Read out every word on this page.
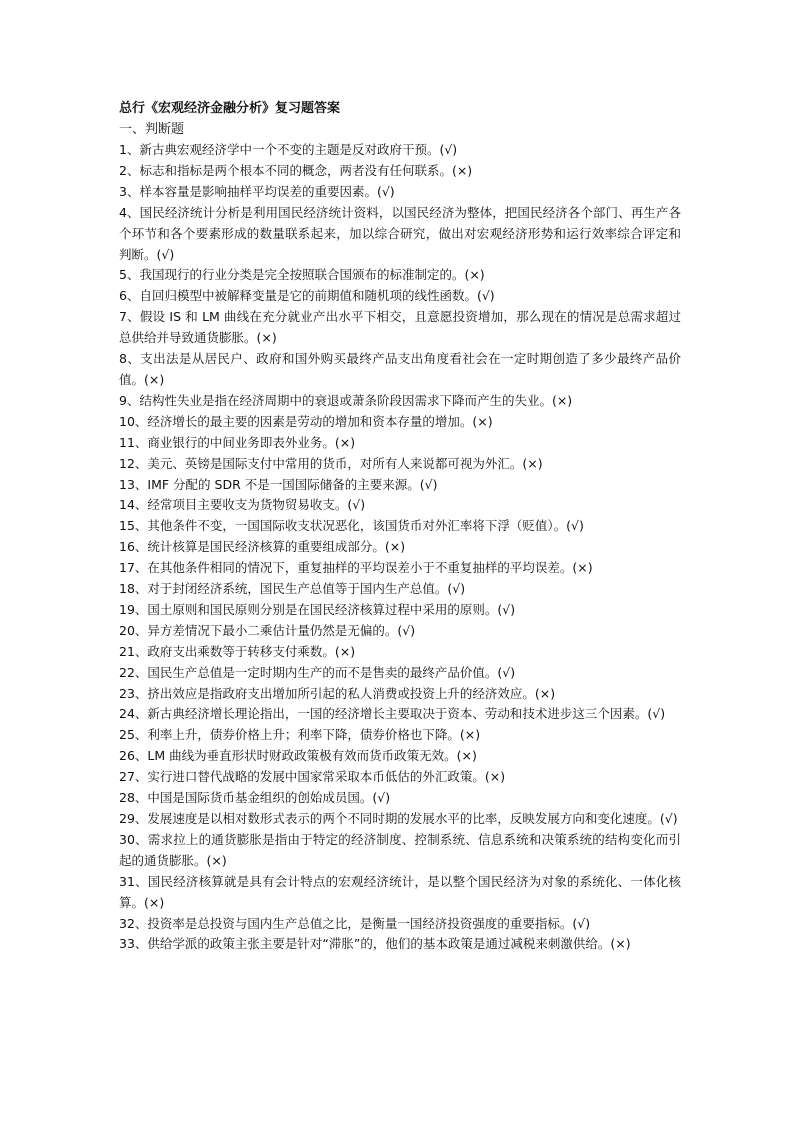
总行《宏观经济金融分析》复习题答案
一、判断题
1、新古典宏观经济学中一个不变的主题是反对政府干预。(√)
2、标志和指标是两个根本不同的概念，两者没有任何联系。(×)
3、样本容量是影响抽样平均误差的重要因素。(√)
4、国民经济统计分析是利用国民经济统计资料，以国民经济为整体，把国民经济各个部门、再生产各个环节和各个要素形成的数量联系起来，加以综合研究，做出对宏观经济形势和运行效率综合评定和判断。(√)
5、我国现行的行业分类是完全按照联合国颁布的标准制定的。(×)
6、自回归模型中被解释变量是它的前期值和随机项的线性函数。(√)
7、假设 IS 和 LM 曲线在充分就业产出水平下相交，且意愿投资增加，那么现在的情况是总需求超过总供给并导致通货膨胀。(×)
8、支出法是从居民户、政府和国外购买最终产品支出角度看社会在一定时期创造了多少最终产品价值。(×)
9、结构性失业是指在经济周期中的衰退或萧条阶段因需求下降而产生的失业。(×)
10、经济增长的最主要的因素是劳动的增加和资本存量的增加。(×)
11、商业银行的中间业务即表外业务。(×)
12、美元、英镑是国际支付中常用的货币，对所有人来说都可视为外汇。(×)
13、IMF 分配的 SDR 不是一国国际储备的主要来源。(√)
14、经常项目主要收支为货物贸易收支。(√)
15、其他条件不变，一国国际收支状况恶化，该国货币对外汇率将下浮（贬值）。(√)
16、统计核算是国民经济核算的重要组成部分。(×)
17、在其他条件相同的情况下，重复抽样的平均误差小于不重复抽样的平均误差。(×)
18、对于封闭经济系统，国民生产总值等于国内生产总值。(√)
19、国土原则和国民原则分别是在国民经济核算过程中采用的原则。(√)
20、异方差情况下最小二乘估计量仍然是无偏的。(√)
21、政府支出乘数等于转移支付乘数。(×)
22、国民生产总值是一定时期内生产的而不是售卖的最终产品价值。(√)
23、挤出效应是指政府支出增加所引起的私人消费或投资上升的经济效应。(×)
24、新古典经济增长理论指出，一国的经济增长主要取决于资本、劳动和技术进步这三个因素。(√)
25、利率上升，债券价格上升；利率下降，债券价格也下降。(×)
26、LM 曲线为垂直形状时财政政策极有效而货币政策无效。(×)
27、实行进口替代战略的发展中国家常采取本币低估的外汇政策。(×)
28、中国是国际货币基金组织的创始成员国。(√)
29、发展速度是以相对数形式表示的两个不同时期的发展水平的比率，反映发展方向和变化速度。(√)
30、需求拉上的通货膨胀是指由于特定的经济制度、控制系统、信息系统和决策系统的结构变化而引起的通货膨胀。(×)
31、国民经济核算就是具有会计特点的宏观经济统计，是以整个国民经济为对象的系统化、一体化核算。(×)
32、投资率是总投资与国内生产总值之比，是衡量一国经济投资强度的重要指标。(√)
33、供给学派的政策主张主要是针对“滞胀”的，他们的基本政策是通过减税来刺激供给。(×)
